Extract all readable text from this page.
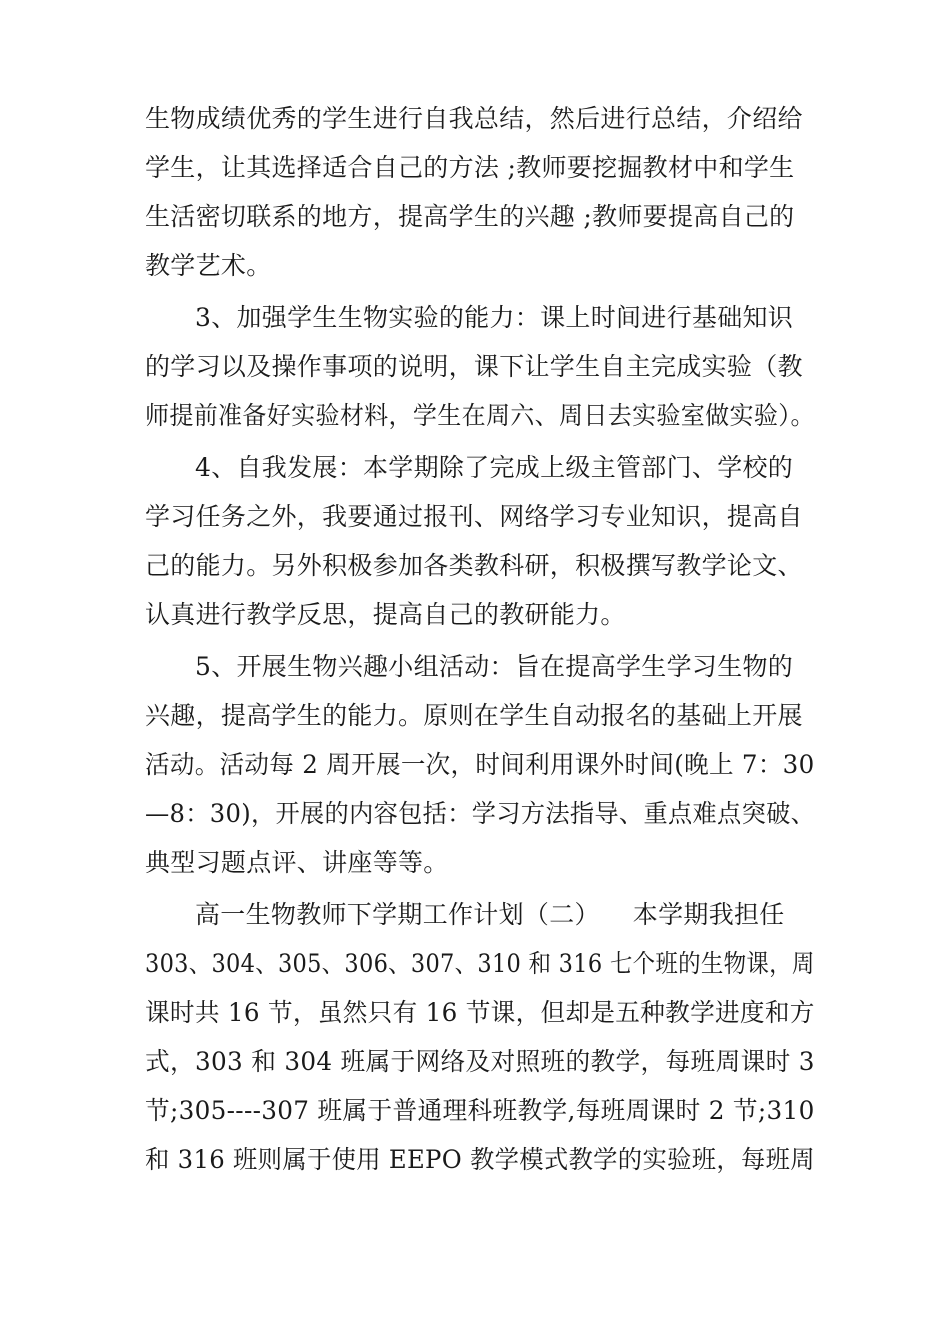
生物成绩优秀的学生进行自我总结，然后进行总结，介绍给
学生，让其选择适合自己的方法 ;教师要挖掘教材中和学生
生活密切联系的地方，提高学生的兴趣 ;教师要提高自己的
教学艺术。
3、加强学生生物实验的能力：课上时间进行基础知识
的学习以及操作事项的说明，课下让学生自主完成实验（教
师提前准备好实验材料，学生在周六、周日去实验室做实验）。
4、自我发展：本学期除了完成上级主管部门、学校的
学习任务之外，我要通过报刊、网络学习专业知识，提高自
己的能力。另外积极参加各类教科研，积极撰写教学论文、
认真进行教学反思，提高自己的教研能力。
5、开展生物兴趣小组活动：旨在提高学生学习生物的
兴趣，提高学生的能力。原则在学生自动报名的基础上开展
活动。活动每 2 周开展一次，时间利用课外时间(晚上 7：30
—8：30)，开展的内容包括：学习方法指导、重点难点突破、
典型习题点评、讲座等等。
高一生物教师下学期工作计划（二）    本学期我担任
303、304、305、306、307、310 和 316 七个班的生物课，周
课时共 16 节，虽然只有 16 节课，但却是五种教学进度和方
式，303 和 304 班属于网络及对照班的教学，每班周课时 3
节;305----307 班属于普通理科班教学,每班周课时 2 节;310
和 316 班则属于使用 EEPO 教学模式教学的实验班，每班周
